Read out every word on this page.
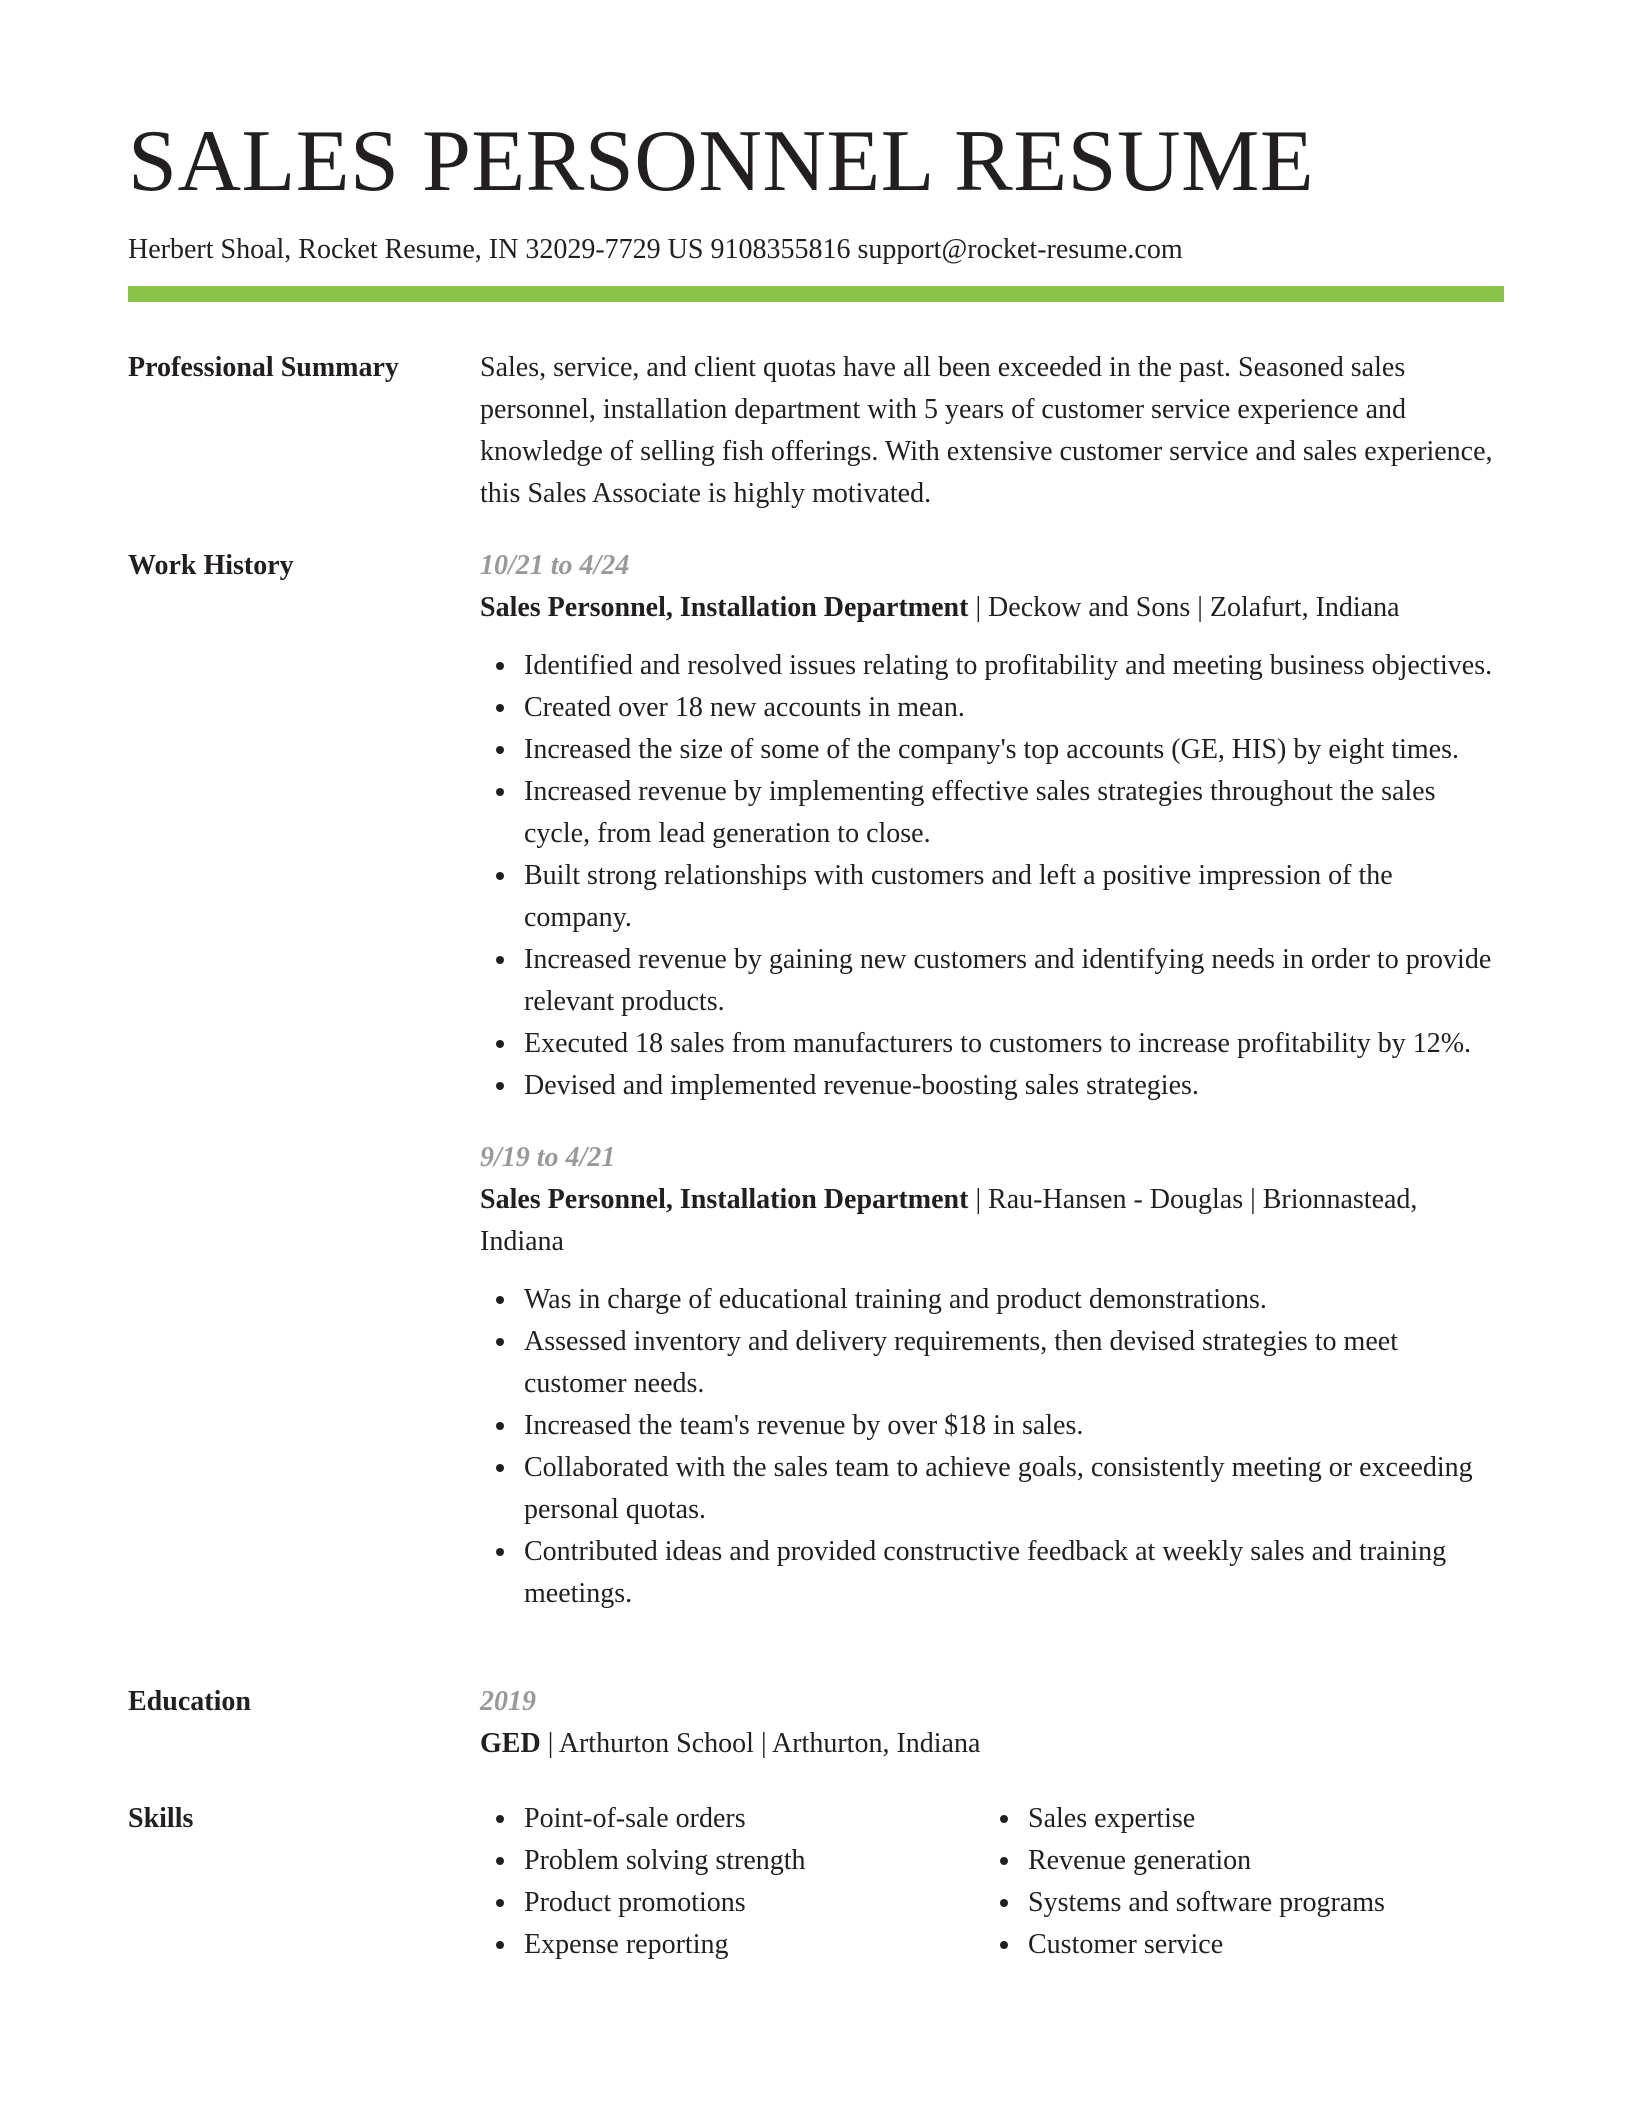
SALES PERSONNEL RESUME
Herbert Shoal, Rocket Resume, IN 32029-7729 US 9108355816 support@rocket-resume.com
Professional Summary	Sales, service, and client quotas have all been exceeded in the past. Seasoned sales personnel, installation department with 5 years of customer service experience and knowledge of selling fish offerings. With extensive customer service and sales experience, this Sales Associate is highly motivated.

Work History	10/21 to 4/24
Sales Personnel, Installation Department | Deckow and Sons | Zolafurt, Indiana
Identified and resolved issues relating to profitability and meeting business objectives.
Created over 18 new accounts in mean.
Increased the size of some of the company's top accounts (GE, HIS) by eight times.
Increased revenue by implementing effective sales strategies throughout the sales cycle, from lead generation to close.
Built strong relationships with customers and left a positive impression of the company.
Increased revenue by gaining new customers and identifying needs in order to provide relevant products.
Executed 18 sales from manufacturers to customers to increase profitability by 12%.
Devised and implemented revenue-boosting sales strategies.
9/19 to 4/21
Sales Personnel, Installation Department | Rau-Hansen - Douglas | Brionnastead, Indiana
Was in charge of educational training and product demonstrations.
Assessed inventory and delivery requirements, then devised strategies to meet customer needs.
Increased the team's revenue by over $18 in sales.
Collaborated with the sales team to achieve goals, consistently meeting or exceeding personal quotas.
Contributed ideas and provided constructive feedback at weekly sales and training meetings.
Education	2019
GED | Arthurton School | Arthurton, Indiana
Skills	Point-of-sale orders
Problem solving strength
Product promotions
Expense reporting
Sales expertise
Revenue generation
Systems and software programs
Customer service
